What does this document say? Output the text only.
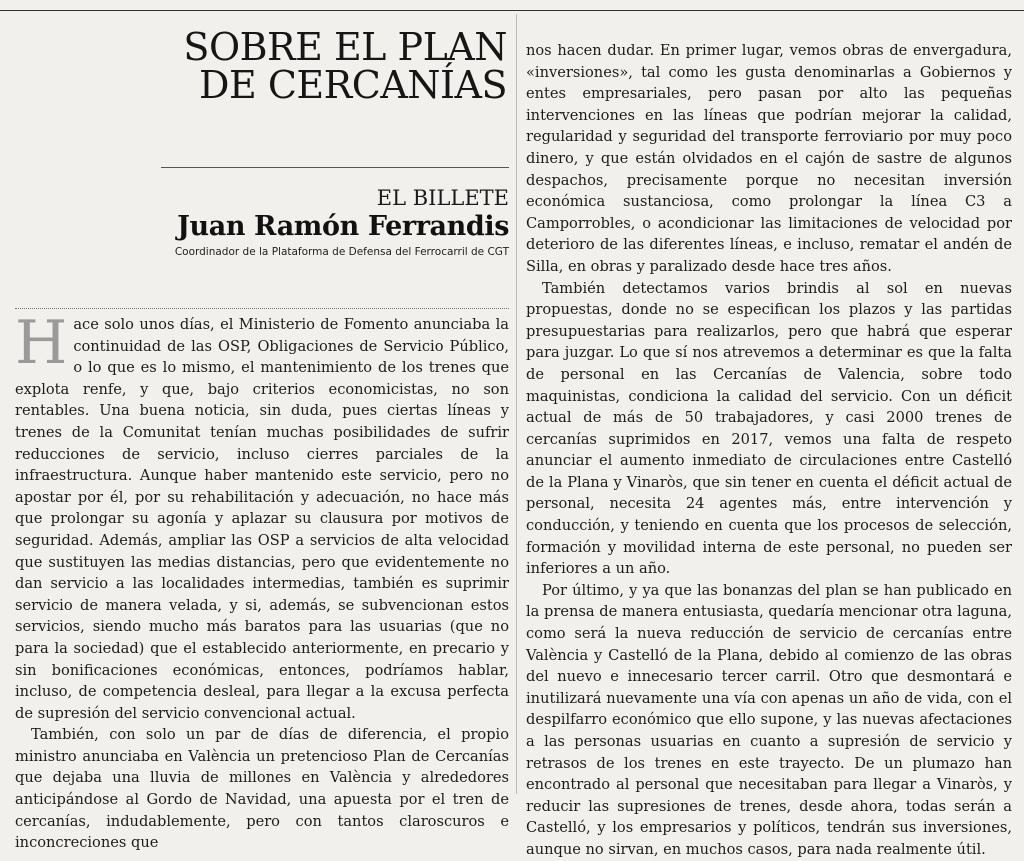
SOBRE EL PLAN
DE CERCANÍAS
EL BILLETE
Juan Ramón Ferrandis
Coordinador de la Plataforma de Defensa del Ferrocarril de CGT

Hace solo unos días, el Ministerio de Fomento anunciaba la continuidad de las OSP, Obligaciones de Servicio Público, o lo que es lo mismo, el mantenimiento de los trenes que explota renfe, y que, bajo criterios economicistas, no son rentables. Una buena noticia, sin duda, pues ciertas líneas y trenes de la Comunitat tenían muchas posibilidades de sufrir reducciones de servicio, incluso cierres parciales de la infraestructura. Aunque haber mantenido este servicio, pero no apostar por él, por su rehabilitación y adecuación, no hace más que prolongar su agonía y aplazar su clausura por motivos de seguridad. Además, ampliar las OSP a servicios de alta velocidad que sustituyen las medias distancias, pero que evidentemente no dan servicio a las localidades intermedias, también es suprimir servicio de manera velada, y si, además, se subvencionan estos servicios, siendo mucho más baratos para las usuarias (que no para la sociedad) que el establecido anteriormente, en precario y sin bonificaciones económicas, entonces, podríamos hablar, incluso, de competencia desleal, para llegar a la excusa perfecta de supresión del servicio convencional actual.

También, con solo un par de días de diferencia, el propio ministro anunciaba en València un pretencioso Plan de Cercanías que dejaba una lluvia de millones en València y alrededores anticipándose al Gordo de Navidad, una apuesta por el tren de cercanías, indudablemente, pero con tantos claroscuros e inconcreciones que

nos hacen dudar. En primer lugar, vemos obras de envergadura, «inversiones», tal como les gusta denominarlas a Gobiernos y entes empresariales, pero pasan por alto las pequeñas intervenciones en las líneas que podrían mejorar la calidad, regularidad y seguridad del transporte ferroviario por muy poco dinero, y que están olvidados en el cajón de sastre de algunos despachos, precisamente porque no necesitan inversión económica sustanciosa, como prolongar la línea C3 a Camporrobles, o acondicionar las limitaciones de velocidad por deterioro de las diferentes líneas, e incluso, rematar el andén de Silla, en obras y paralizado desde hace tres años.

También detectamos varios brindis al sol en nuevas propuestas, donde no se especifican los plazos y las partidas presupuestarias para realizarlos, pero que habrá que esperar para juzgar. Lo que sí nos atrevemos a determinar es que la falta de personal en las Cercanías de Valencia, sobre todo maquinistas, condiciona la calidad del servicio. Con un déficit actual de más de 50 trabajadores, y casi 2000 trenes de cercanías suprimidos en 2017, vemos una falta de respeto anunciar el aumento inmediato de circulaciones entre Castelló de la Plana y Vinaròs, que sin tener en cuenta el déficit actual de personal, necesita 24 agentes más, entre intervención y conducción, y teniendo en cuenta que los procesos de selección, formación y movilidad interna de este personal, no pueden ser inferiores a un año.

Por último, y ya que las bonanzas del plan se han publicado en la prensa de manera entusiasta, quedaría mencionar otra laguna, como será la nueva reducción de servicio de cercanías entre València y Castelló de la Plana, debido al comienzo de las obras del nuevo e innecesario tercer carril. Otro que desmontará e inutilizará nuevamente una vía con apenas un año de vida, con el despilfarro económico que ello supone, y las nuevas afectaciones a las personas usuarias en cuanto a supresión de servicio y retrasos de los trenes en este trayecto. De un plumazo han encontrado al personal que necesitaban para llegar a Vinaròs, y reducir las supresiones de trenes, desde ahora, todas serán a Castelló, y los empresarios y políticos, tendrán sus inversiones, aunque no sirvan, en muchos casos, para nada realmente útil.
